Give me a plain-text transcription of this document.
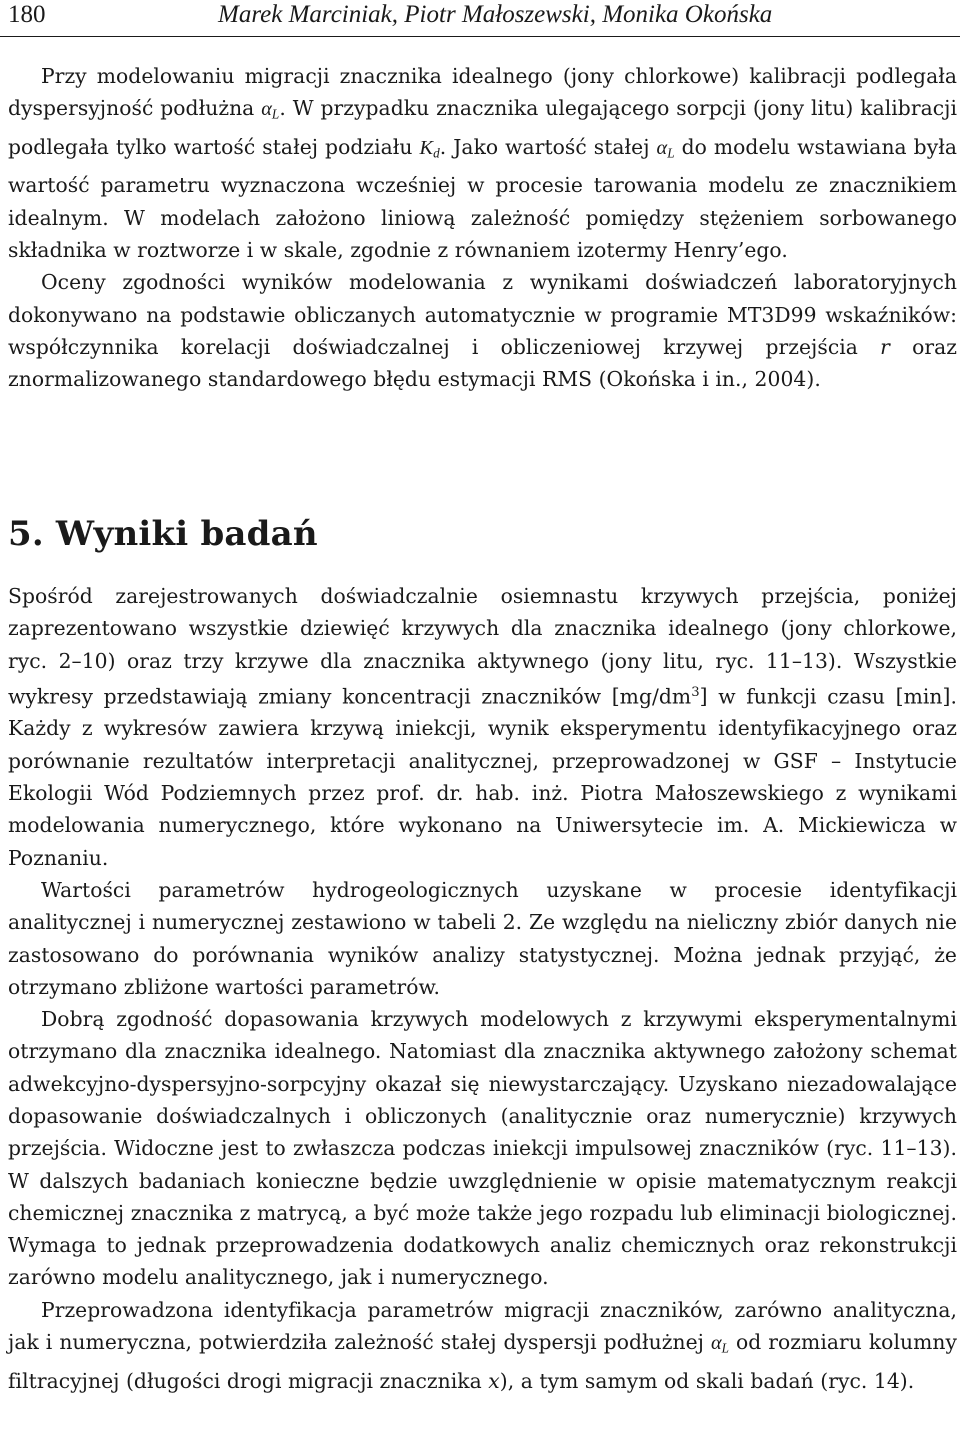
180	Marek Marciniak, Piotr Małoszewski, Monika Okońska

Przy modelowaniu migracji znacznika idealnego (jony chlorkowe) kalibracji podlegała dyspersyjność podłużna $\alpha_L$. W przypadku znacznika ulegającego sorpcji (jony litu) kalibracji podlegała tylko wartość stałej podziału $K_d$. Jako wartość stałej $\alpha_L$ do modelu wstawiana była wartość parametru wyznaczona wcześniej w procesie tarowania modelu ze znacznikiem idealnym. W modelach założono liniową zależność pomiędzy stężeniem sorbowanego składnika w roztworze i w skale, zgodnie z równaniem izotermy Henry’ego.

Oceny zgodności wyników modelowania z wynikami doświadczeń laboratoryjnych dokonywano na podstawie obliczanych automatycznie w programie MT3D99 wskaźników: współczynnika korelacji doświadczalnej i obliczeniowej krzywej przejścia r oraz znormalizowanego standardowego błędu estymacji RMS (Okońska i in., 2004).

5. Wyniki badań

Spośród zarejestrowanych doświadczalnie osiemnastu krzywych przejścia, poniżej zaprezentowano wszystkie dziewięć krzywych dla znacznika idealnego (jony chlorkowe, ryc. 2–10) oraz trzy krzywe dla znacznika aktywnego (jony litu, ryc. 11–13). Wszystkie wykresy przedstawiają zmiany koncentracji znaczników $[mg/dm^3]$ w funkcji czasu [min]. Każdy z wykresów zawiera krzywą iniekcji, wynik eksperymentu identyfikacyjnego oraz porównanie rezultatów interpretacji analitycznej, przeprowadzonej w GSF – Instytucie Ekologii Wód Podziemnych przez prof. dr. hab. inż. Piotra Małoszewskiego z wynikami modelowania numerycznego, które wykonano na Uniwersytecie im. A. Mickiewicza w Poznaniu.

Wartości parametrów hydrogeologicznych uzyskane w procesie identyfikacji analitycznej i numerycznej zestawiono w tabeli 2. Ze względu na nieliczny zbiór danych nie zastosowano do porównania wyników analizy statystycznej. Można jednak przyjąć, że otrzymano zbliżone wartości parametrów.

Dobrą zgodność dopasowania krzywych modelowych z krzywymi eksperymentalnymi otrzymano dla znacznika idealnego. Natomiast dla znacznika aktywnego założony schemat adwekcyjno-dyspersyjno-sorpcyjny okazał się niewystarczający. Uzyskano niezadowalające dopasowanie doświadczalnych i obliczonych (analitycznie oraz numerycznie) krzywych przejścia. Widoczne jest to zwłaszcza podczas iniekcji impulsowej znaczników (ryc. 11–13). W dalszych badaniach konieczne będzie uwzględnienie w opisie matematycznym reakcji chemicznej znacznika z matrycą, a być może także jego rozpadu lub eliminacji biologicznej. Wymaga to jednak przeprowadzenia dodatkowych analiz chemicznych oraz rekonstrukcji zarówno modelu analitycznego, jak i numerycznego.

Przeprowadzona identyfikacja parametrów migracji znaczników, zarówno analityczna, jak i numeryczna, potwierdziła zależność stałej dyspersji podłużnej $\alpha_L$ od rozmiaru kolumny filtracyjnej (długości drogi migracji znacznika x), a tym samym od skali badań (ryc. 14).
